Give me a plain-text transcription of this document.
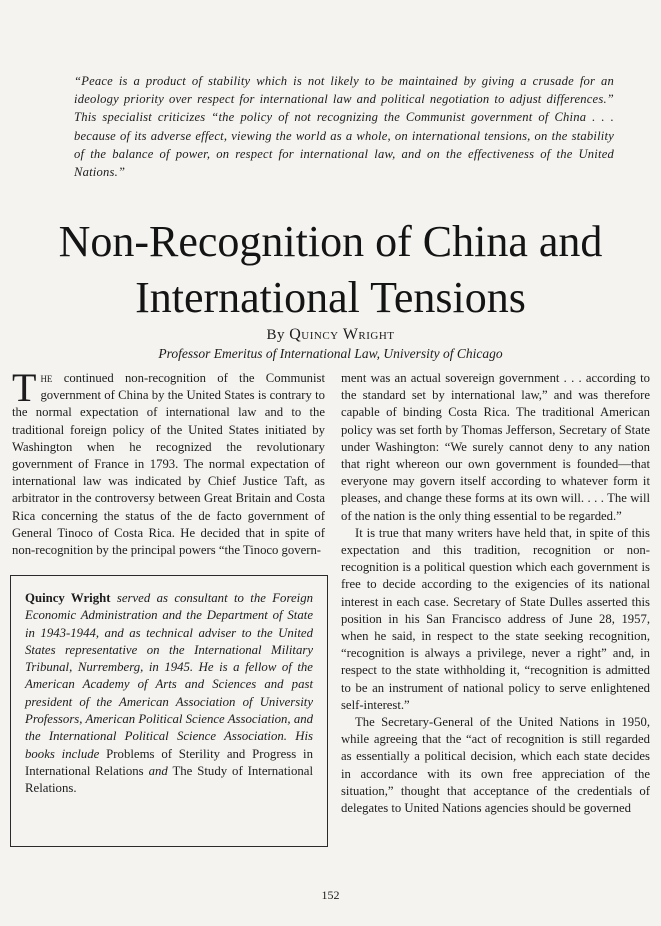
“Peace is a product of stability which is not likely to be maintained by giving a crusade for an ideology priority over respect for international law and political negotiation to adjust differences.” This specialist criticizes “the policy of not recognizing the Communist government of China . . . because of its adverse effect, viewing the world as a whole, on international tensions, on the stability of the balance of power, on respect for international law, and on the effectiveness of the United Nations.”
Non-Recognition of China and
International Tensions
By Quincy Wright
Professor Emeritus of International Law, University of Chicago

The continued non-recognition of the Communist government of China by the United States is contrary to the normal expectation of international law and to the traditional foreign policy of the United States initiated by Washington when he recognized the revolutionary government of France in 1793. The normal expectation of international law was indicated by Chief Justice Taft, as arbitrator in the controversy between Great Britain and Costa Rica concerning the status of the de facto government of General Tinoco of Costa Rica. He decided that in spite of non-recognition by the principal powers “the Tinoco govern-

Quincy Wright served as consultant to the Foreign Economic Administration and the Department of State in 1943-1944, and as technical adviser to the United States representative on the International Military Tribunal, Nurremberg, in 1945. He is a fellow of the American Academy of Arts and Sciences and past president of the American Association of University Professors, American Political Science Association, and the International Political Science Association. His books include Problems of Sterility and Progress in International Relations and The Study of International Relations.

ment was an actual sovereign government . . . according to the standard set by international law,” and was therefore capable of binding Costa Rica. The traditional American policy was set forth by Thomas Jefferson, Secretary of State under Washington: “We surely cannot deny to any nation that right whereon our own government is founded—that everyone may govern itself according to whatever form it pleases, and change these forms at its own will. . . . The will of the nation is the only thing essential to be regarded.”

It is true that many writers have held that, in spite of this expectation and this tradition, recognition or non-recognition is a political question which each government is free to decide according to the exigencies of its national interest in each case. Secretary of State Dulles asserted this position in his San Francisco address of June 28, 1957, when he said, in respect to the state seeking recognition, “recognition is always a privilege, never a right” and, in respect to the state withholding it, “recognition is admitted to be an instrument of national policy to serve enlightened self-interest.”

The Secretary-General of the United Nations in 1950, while agreeing that the “act of recognition is still regarded as essentially a political decision, which each state decides in accordance with its own free appreciation of the situation,” thought that acceptance of the credentials of delegates to United Nations agencies should be governed

152
